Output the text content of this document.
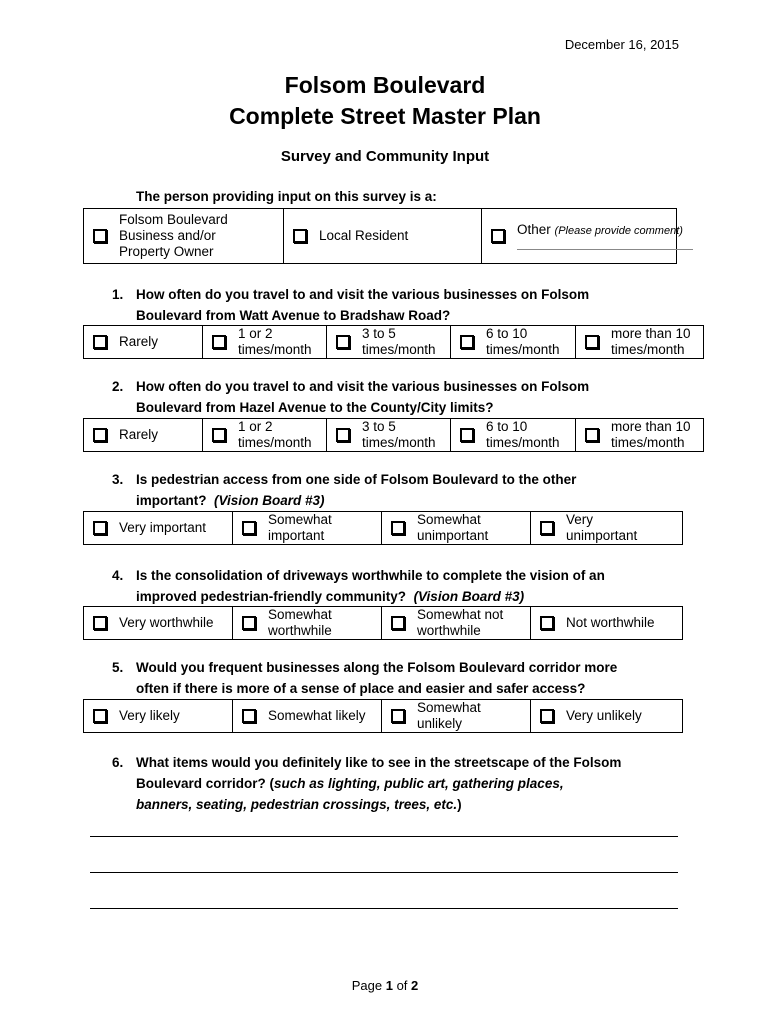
December 16, 2015
Folsom Boulevard
Complete Street Master Plan
Survey and Community Input
The person providing input on this survey is a:
Folsom Boulevard
Business and/or
Property Owner

Local Resident	Other (Please provide comment)
1. How often do you travel to and visit the various businesses on Folsom
Boulevard from Watt Avenue to Bradshaw Road?
Rarely

1 or 2
times/month

3 to 5
times/month

6 to 10
times/month

more than 10
times/month
2. How often do you travel to and visit the various businesses on Folsom
Boulevard from Hazel Avenue to the County/City limits?
Rarely

1 or 2
times/month

3 to 5
times/month

6 to 10
times/month

more than 10
times/month
3. Is pedestrian access from one side of Folsom Boulevard to the other
important? (Vision Board #3)
Very important

Somewhat
important

Somewhat
unimportant

Very
unimportant
4. Is the consolidation of driveways worthwhile to complete the vision of an
improved pedestrian-friendly community? (Vision Board #3)
Very worthwhile

Somewhat
worthwhile

Somewhat not
worthwhile

Not worthwhile
5. Would you frequent businesses along the Folsom Boulevard corridor more
often if there is more of a sense of place and easier and safer access?
Very likely	Somewhat likely

Somewhat
unlikely

Very unlikely
6. What items would you definitely like to see in the streetscape of the Folsom
Boulevard corridor? (such as lighting, public art, gathering places,
banners, seating, pedestrian crossings, trees, etc.)
Page 1 of 2
